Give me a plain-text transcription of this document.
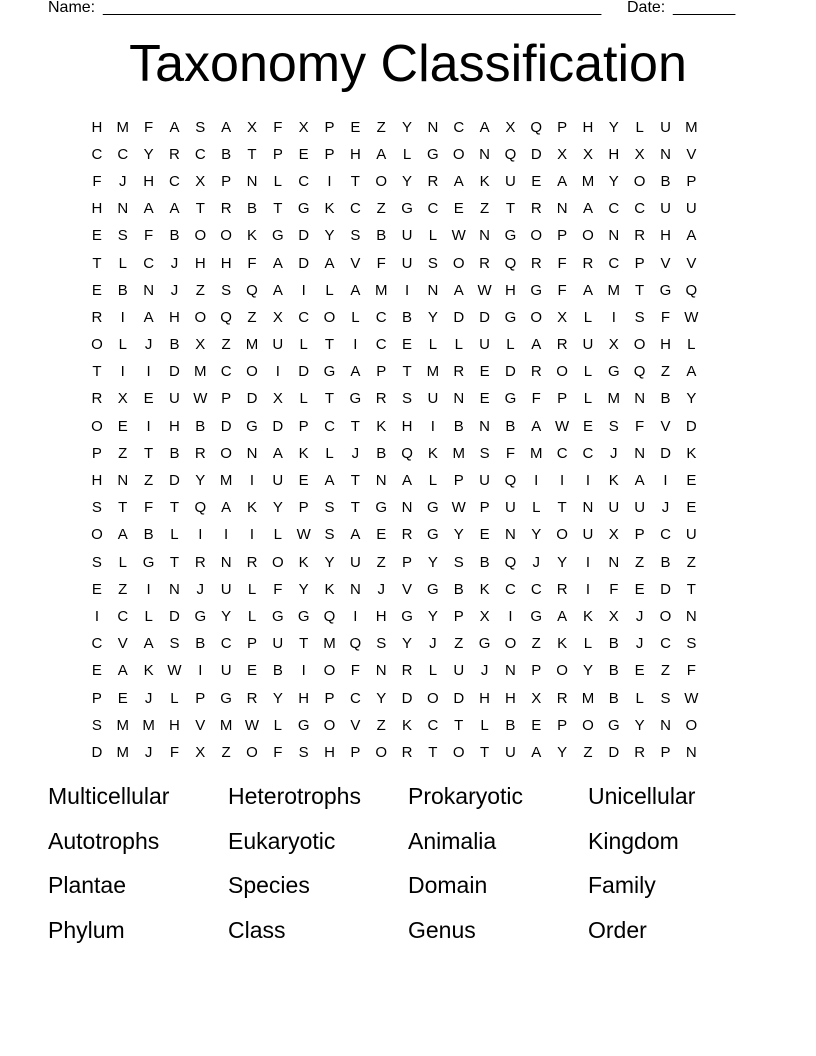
Name: ________________________________________________________ Date: _______
Taxonomy Classification
H M	F	A	S	A	X	F	X	P	E	Z	Y	N	C	A	X	Q	P	H	Y	L	U M
C	C	Y	R	C	B	T	P	E	P	H	A	L	G O N Q D	X	X	H	X	N	V
F	J	H	C	X	P	N	L	C	I	T	O	Y	R	A	K	U	E	A M Y	O	B	P
H	N	A	A	T	R	B	T	G	K	C	Z	G C	E	Z	T	R	N	A	C	C	U	U
E	S	F	B	O O	K	G D	Y	S	B	U	L W N G O	P	O N	R	H	A
T	L	C	J	H	H	F	A	D	A	V	F	U	S	O R Q R	F	R	C	P	V	V
E	B	N	J	Z	S	Q	A	I	L	A M	I	N	A W H G	F	A M	T	G Q
R	I	A	H O Q	Z	X	C O	L	C	B	Y	D	D G O	X	L	I	S	F W
O	L	J	B	X	Z	M U	L	T	I	C	E	L	L	U	L	A	R	U	X	O H	L
T	I	I	D M C O	I	D G	A	P	T	M R	E	D	R O	L	G Q	Z	A
R	X	E	U W P	D	X	L	T	G R	S	U	N	E	G	F	P	L	M N	B	Y
O	E	I	H	B	D G D	P	C	T	K	H	I	B	N	B	A W E	S	F	V	D
P	Z	T	B	R O N	A	K	L	J	B	Q	K M S	F	M C	C	J	N	D	K
H	N	Z	D	Y M	I	U	E	A	T	N	A	L	P	U Q	I	I	I	K	A	I	E
S	T	F	T	Q	A	K	Y	P	S	T	G N G W P	U	L	T	N	U	U	J	E
O	A	B	L	I	I	I	L W S	A	E	R G	Y	E	N	Y	O U	X	P	C	U
S	L	G	T	R	N	R O	K	Y	U	Z	P	Y	S	B	Q	J	Y	I	N	Z	B	Z
E	Z	I	N	J	U	L	F	Y	K	N	J	V	G	B	K	C	C	R	I	F	E	D	T
I	C	L	D G	Y	L	G G Q	I	H G	Y	P	X	I	G	A	K	X	J	O N
C	V	A	S	B	C	P	U	T	M Q	S	Y	J	Z	G O	Z	K	L	B	J	C	S
E	A	K W	I	U	E	B	I	O	F	N	R	L	U	J	N	P	O	Y	B	E	Z	F
P	E	J	L	P	G R	Y	H	P	C	Y	D O D	H	H	X	R M B	L	S W
S M M H	V M W L	G O	V	Z	K	C	T	L	B	E	P	O G	Y	N O
D M	J	F	X	Z	O	F	S	H	P	O R	T	O	T	U	A	Y	Z	D	R	P	N
Multicellular	Heterotrophs	Prokaryotic	Unicellular
Autotrophs	Eukaryotic	Animalia	Kingdom
Plantae	Species	Domain	Family
Phylum	Class	Genus	Order
